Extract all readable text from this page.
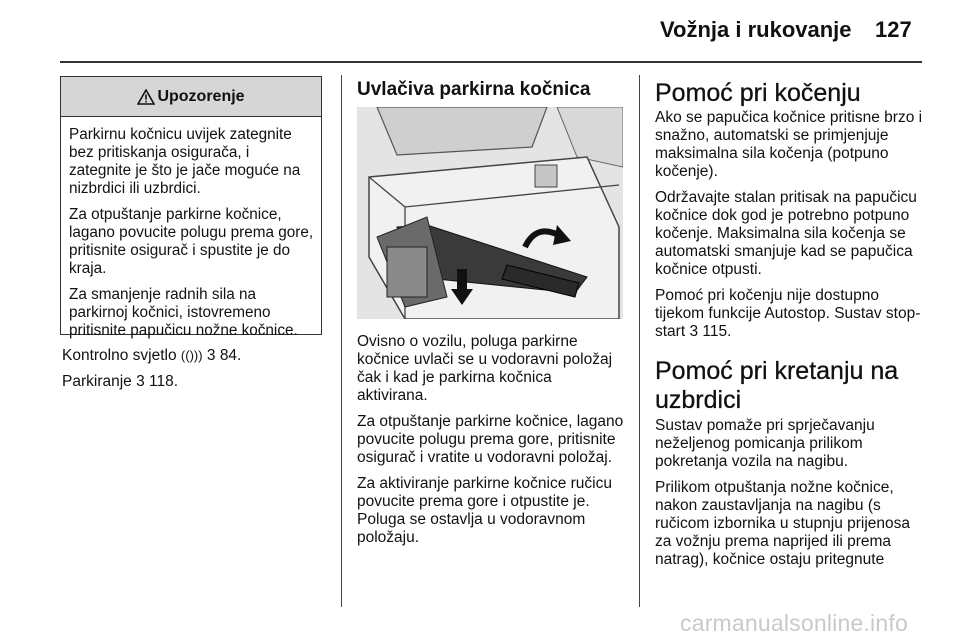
Vožnja i rukovanje 127
Upozorenje

Parkirnu kočnicu uvijek zategnite bez pritiskanja osigurača, i zategnite je što je jače moguće na nizbrdici ili uzbrdici.

Za otpuštanje parkirne kočnice, lagano povucite polugu prema gore, pritisnite osigurač i spustite je do kraja.

Za smanjenje radnih sila na parkirnoj kočnici, istovremeno pritisnite papučicu nožne kočnice.

Kontrolno svjetlo (())) 3 84.

Parkiranje 3 118.

Uvlačiva parkirna kočnica

Ovisno o vozilu, poluga parkirne kočnice uvlači se u vodoravni položaj čak i kad je parkirna kočnica aktivirana.

Za otpuštanje parkirne kočnice, lagano povucite polugu prema gore, pritisnite osigurač i vratite u vodoravni položaj.

Za aktiviranje parkirne kočnice ručicu povucite prema gore i otpustite je. Poluga se ostavlja u vodoravnom položaju.

Pomoć pri kočenju

Ako se papučica kočnice pritisne brzo i snažno, automatski se primjenjuje maksimalna sila kočenja (potpuno kočenje).

Održavajte stalan pritisak na papučicu kočnice dok god je potrebno potpuno kočenje. Maksimalna sila kočenja se automatski smanjuje kad se papučica kočnice otpusti.

Pomoć pri kočenju nije dostupno tijekom funkcije Autostop. Sustav stop-start 3 115.

Pomoć pri kretanju na uzbrdici

Sustav pomaže pri sprječavanju neželjenog pomicanja prilikom pokretanja vozila na nagibu.

Prilikom otpuštanja nožne kočnice, nakon zaustavljanja na nagibu (s ručicom izbornika u stupnju prijenosa za vožnju prema naprijed ili prema natrag), kočnice ostaju pritegnute

carmanualsonline.info
